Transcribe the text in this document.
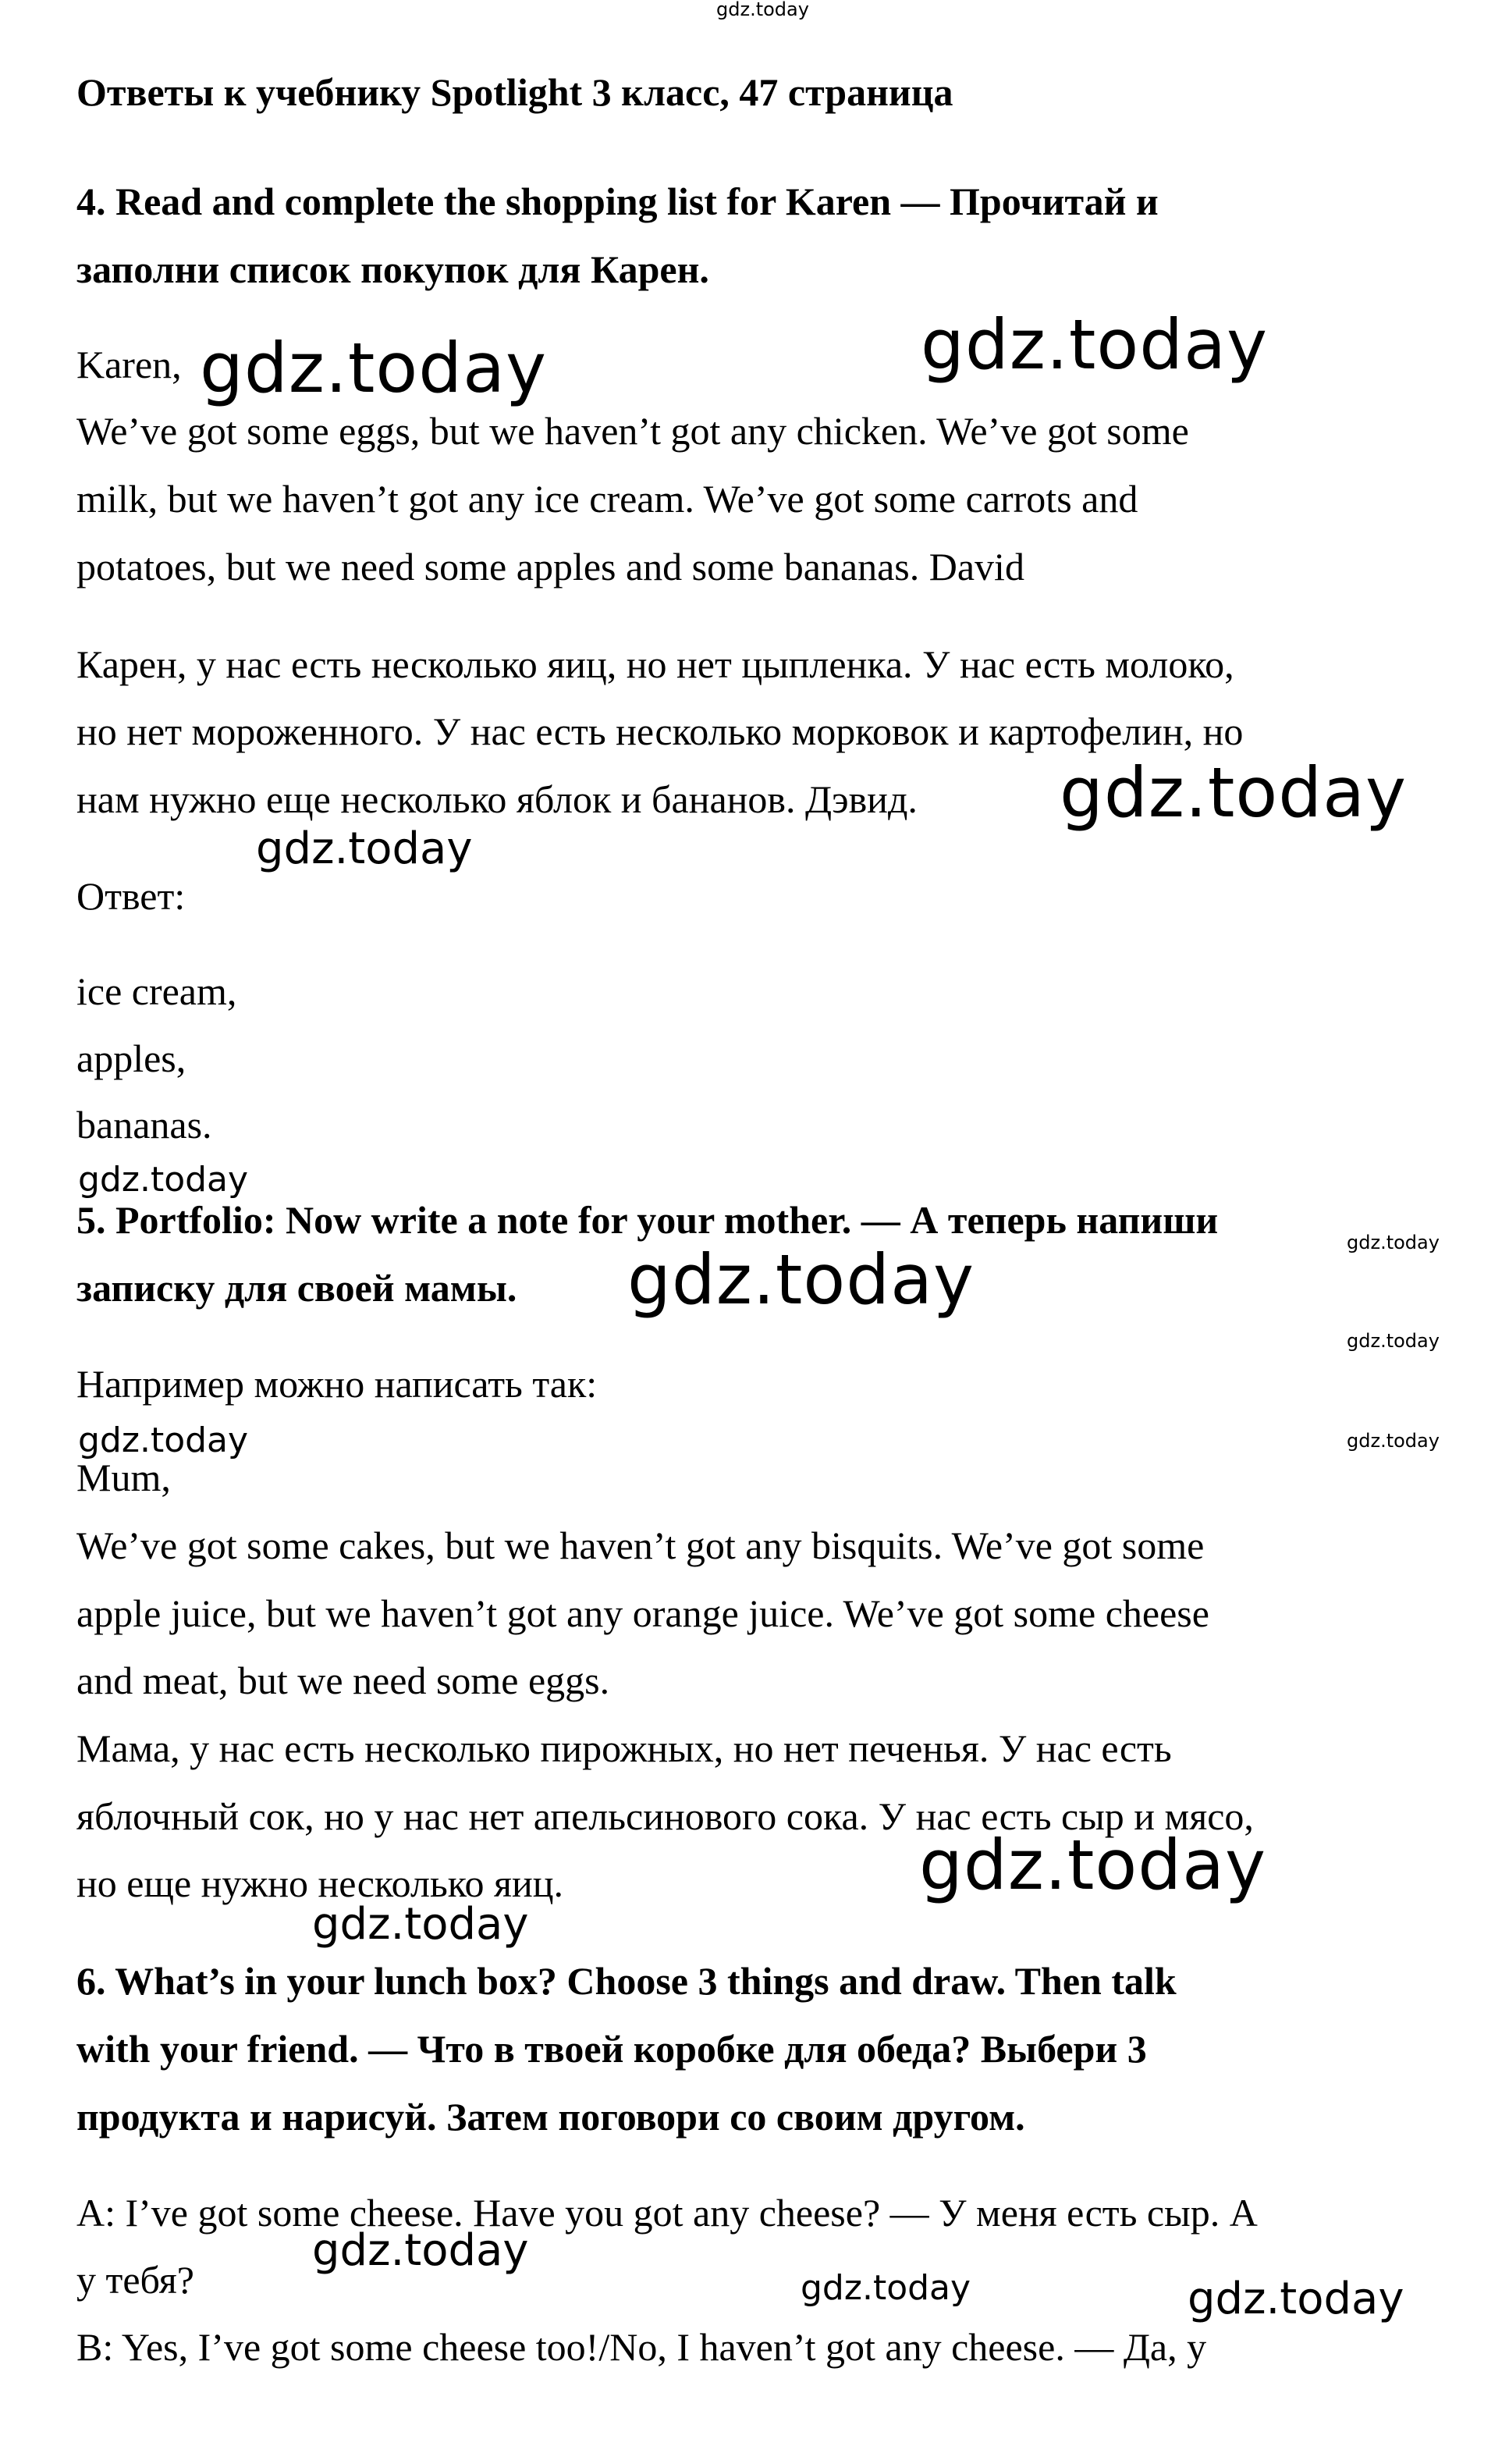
Ответы к учебнику Spotlight 3 класс, 47 страница

4. Read and complete the shopping list for Karen — Прочитай и

заполни список покупок для Карен.

Karen,

We’ve got some eggs, but we haven’t got any chicken. We’ve got some

milk, but we haven’t got any ice cream. We’ve got some carrots and

potatoes, but we need some apples and some bananas. David

Карен, у нас есть несколько яиц, но нет цыпленка. У нас есть молоко,

но нет мороженного. У нас есть несколько морковок и картофелин, но

нам нужно еще несколько яблок и бананов. Дэвид.

Ответ:

ice cream,

apples,

bananas.

5. Portfolio: Now write a note for your mother. — А теперь напиши

записку для своей мамы.

Например можно написать так:

Mum,

We’ve got some cakes, but we haven’t got any bisquits. We’ve got some

apple juice, but we haven’t got any orange juice. We’ve got some cheese

and meat, but we need some eggs.

Мама, у нас есть несколько пирожных, но нет печенья. У нас есть

яблочный сок, но у нас нет апельсинового сока. У нас есть сыр и мясо,

но еще нужно несколько яиц.

6. What’s in your lunch box? Choose 3 things and draw. Then talk

with your friend. — Что в твоей коробке для обеда? Выбери 3

продукта и нарисуй. Затем поговори со своим другом.

A: I’ve got some cheese. Have you got any cheese? — У меня есть сыр. А

у тебя?

B: Yes, I’ve got some cheese too!/No, I haven’t got any cheese. — Да, у

gdz.today
gdz.today	gdz.today
gdz.today
gdz.today
gdz.today
gdz.today
gdz.today
gdz.today
gdz.today	gdz.today
gdz.today
gdz.today
gdz.today
gdz.today	gdz.today
